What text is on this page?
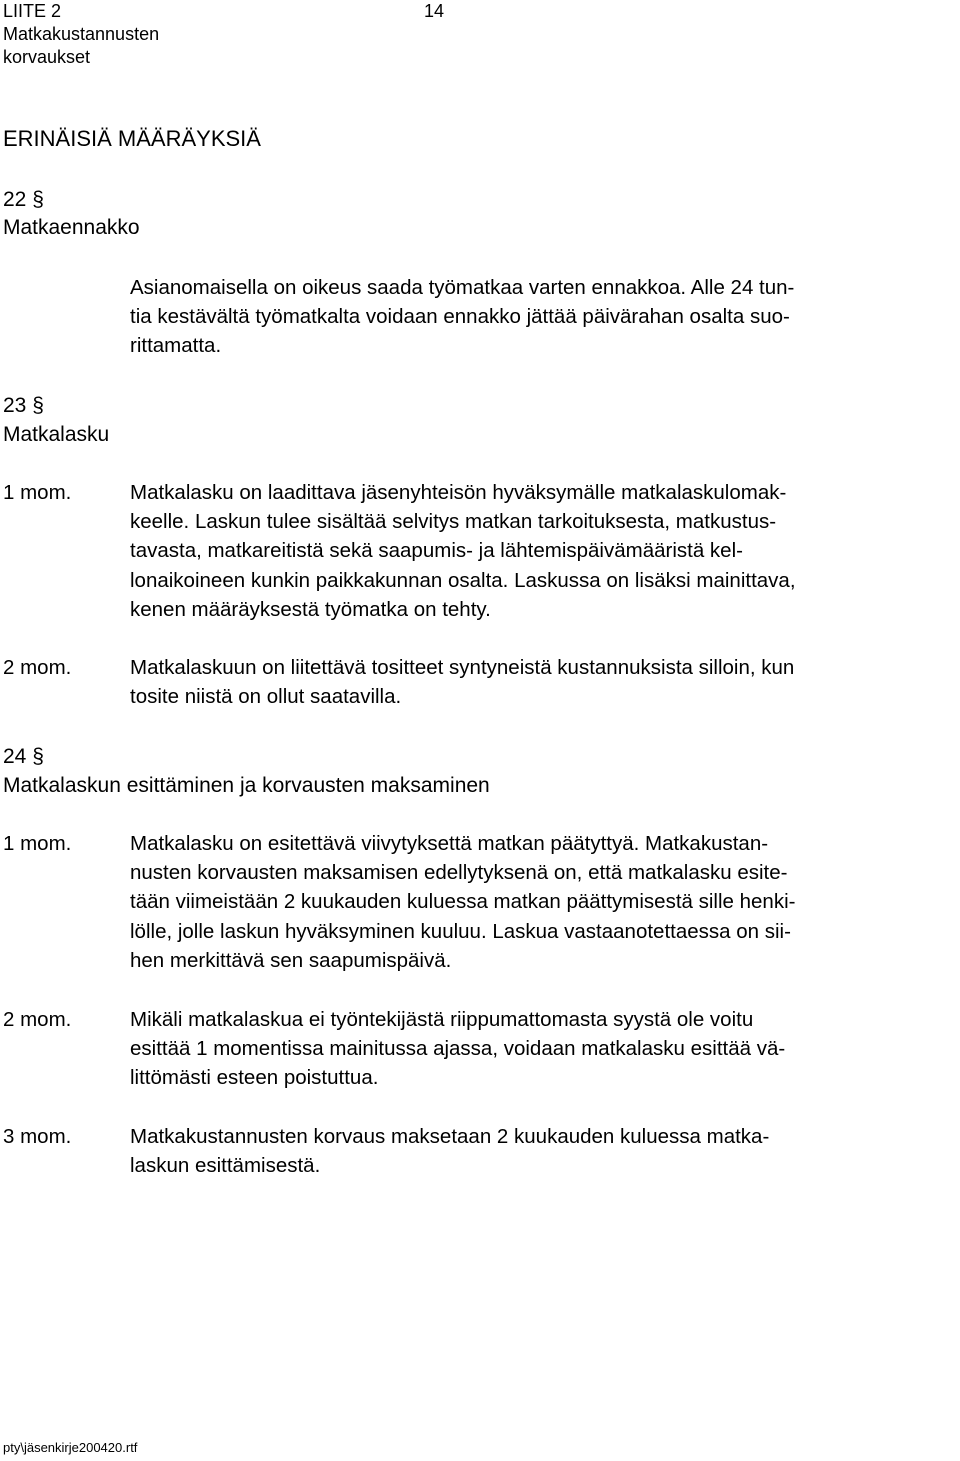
LIITE 2
Matkakustannusten
korvaukset
14
ERINÄISIÄ MÄÄRÄYKSIÄ
22 §
Matkaennakko
Asianomaisella on oikeus saada työmatkaa varten ennakkoa. Alle 24 tun-
tia kestävältä työmatkalta voidaan ennakko jättää päivärahan osalta suo-
rittamatta.
23 §
Matkalasku
1 mom.	Matkalasku on laadittava jäsenyhteisön hyväksymälle matkalaskulomak-
keelle. Laskun tulee sisältää selvitys matkan tarkoituksesta, matkustus-
tavasta, matkareitistä sekä saapumis- ja lähtemispäivämääristä kel-
lonaikoineen kunkin paikkakunnan osalta. Laskussa on lisäksi mainittava,
kenen määräyksestä työmatka on tehty.
2 mom.	Matkalaskuun on liitettävä tositteet syntyneistä kustannuksista silloin, kun
tosite niistä on ollut saatavilla.
24 §
Matkalaskun esittäminen ja korvausten maksaminen
1 mom.	Matkalasku on esitettävä viivytyksettä matkan päätyttyä. Matkakustan-
nusten korvausten maksamisen edellytyksenä on, että matkalasku esite-
tään viimeistään 2 kuukauden kuluessa matkan päättymisestä sille henki-
lölle, jolle laskun hyväksyminen kuuluu. Laskua vastaanotettaessa on sii-
hen merkittävä sen saapumispäivä.
2 mom.	Mikäli matkalaskua ei työntekijästä riippumattomasta syystä ole voitu
esittää 1 momentissa mainitussa ajassa, voidaan matkalasku esittää vä-
littömästi esteen poistuttua.
3 mom.	Matkakustannusten korvaus maksetaan 2 kuukauden kuluessa matka-
laskun esittämisestä.
pty\jäsenkirje200420.rtf
